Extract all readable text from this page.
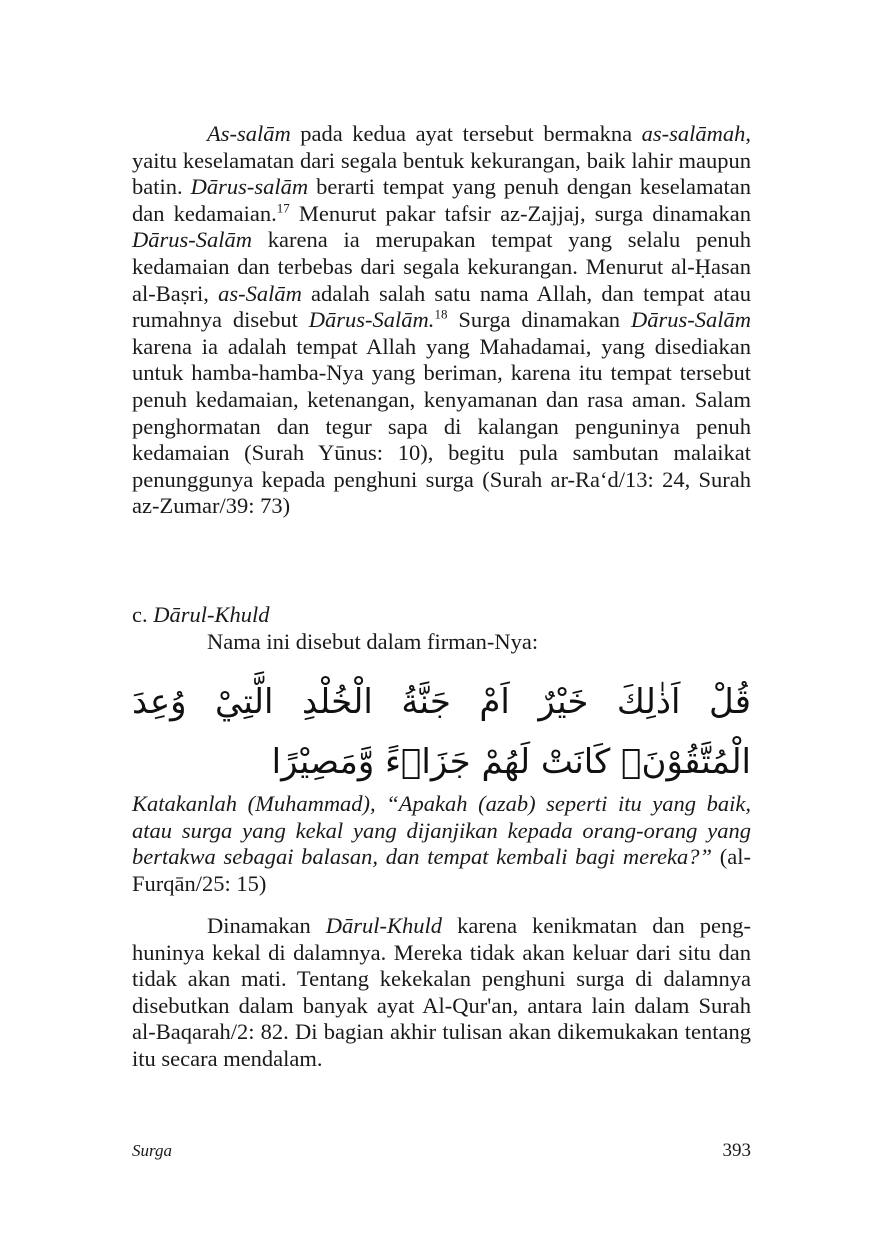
As-salām pada kedua ayat tersebut bermakna as-salāmah, yaitu keselamatan dari segala bentuk kekurangan, baik lahir maupun batin. Dārus-salām berarti tempat yang penuh dengan keselamatan dan kedamaian.$^{17}$ Menurut pakar tafsir az-Zajjaj, surga dinamakan Dārus-Salām karena ia merupakan tempat yang selalu penuh kedamaian dan terbebas dari segala kekurangan. Menurut al-Ḥasan al-Baṣri, as-Salām adalah salah satu nama Allah, dan tempat atau rumahnya disebut Dārus-Salām.$^{18}$ Surga dinamakan Dārus-Salām karena ia adalah tempat Allah yang Mahadamai, yang disediakan untuk hamba-hamba-Nya yang beriman, karena itu tempat tersebut penuh kedamaian, ketenangan, kenyamanan dan rasa aman. Salam penghormatan dan tegur sapa di kalangan penguninya penuh kedamaian (Surah Yūnus: 10), begitu pula sambutan malaikat penunggunya kepada penghuni surga (Surah ar-Ra‘d/13: 24, Surah az-Zumar/39: 73)

c. Dārul-Khuld
Nama ini disebut dalam firman-Nya:
قُلْ اَذٰلِكَ خَيْرٌ اَمْ جَنَّةُ الْخُلْدِ الَّتِيْ وُعِدَ الْمُتَّقُوْنَۗ كَانَتْ لَهُمْ جَزَاۤءً وَّمَصِيْرًا

Katakanlah (Muhammad), “Apakah (azab) seperti itu yang baik, atau surga yang kekal yang dijanjikan kepada orang-orang yang bertakwa sebagai balasan, dan tempat kembali bagi mereka?” (al-Furqān/25: 15)

Dinamakan Dārul-Khuld karena kenikmatan dan penghuninya kekal di dalamnya. Mereka tidak akan keluar dari situ dan tidak akan mati. Tentang kekekalan penghuni surga di dalamnya disebutkan dalam banyak ayat Al-Qur'an, antara lain dalam Surah al-Baqarah/2: 82. Di bagian akhir tulisan akan dikemukakan tentang itu secara mendalam.

Surga	393
